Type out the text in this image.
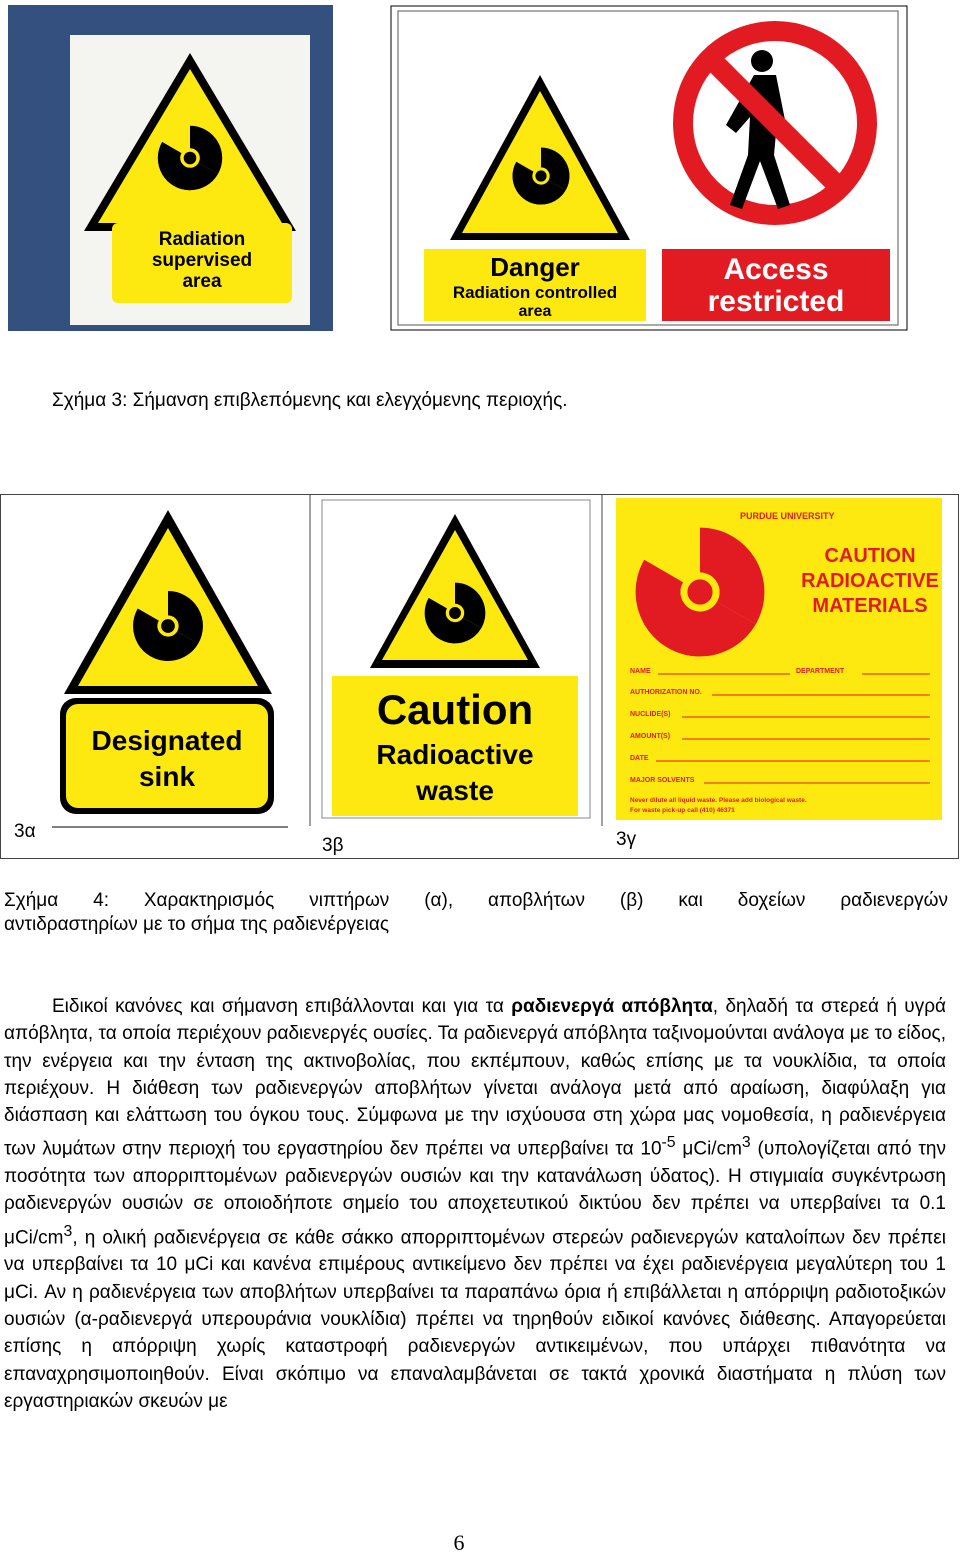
Radiation
supervised
area	Danger
Radiation controlled
area
Access
restricted
Σχήμα 3: Σήμανση επιβλεπόμενης και ελεγχόμενης περιοχής.
Designated
sink
Caution
Radioactive
waste
PURDUE UNIVERSITY
CAUTION
RADIOACTIVE
MATERIALS
NAME	DEPARTMENT
AUTHORIZATION NO.
NUCLIDE(S)
AMOUNT(S)
DATE
MAJOR SOLVENTS
Never dilute all liquid waste. Please add biological waste.
For waste pick-up call (410) 46371
3α
3β	3γ
Σχήμα 4: Χαρακτηρισμός νιπτήρων (α), αποβλήτων (β) και δοχείων ραδιενεργών
αντιδραστηρίων με το σήμα της ραδιενέργειας

Ειδικοί κανόνες και σήμανση επιβάλλονται και για τα ραδιενεργά απόβλητα, δηλαδή τα στερεά ή υγρά απόβλητα, τα οποία περιέχουν ραδιενεργές ουσίες. Τα ραδιενεργά απόβλητα ταξινομούνται ανάλογα με το είδος, την ενέργεια και την ένταση της ακτινοβολίας, που εκπέμπουν, καθώς επίσης με τα νουκλίδια, τα οποία περιέχουν. Η διάθεση των ραδιενεργών αποβλήτων γίνεται ανάλογα μετά από αραίωση, διαφύλαξη για διάσπαση και ελάττωση του όγκου τους. Σύμφωνα με την ισχύουσα στη χώρα μας νομοθεσία, η ραδιενέργεια των λυμάτων στην περιοχή του εργαστηρίου δεν πρέπει να υπερβαίνει τα $10^{-5}$ μCi/$cm^3$ (υπολογίζεται από την ποσότητα των απορριπτομένων ραδιενεργών ουσιών και την κατανάλωση ύδατος). Η στιγμιαία συγκέντρωση ραδιενεργών ουσιών σε οποιοδήποτε σημείο του αποχετευτικού δικτύου δεν πρέπει να υπερβαίνει τα 0.1 μCi/$cm^3$, η ολική ραδιενέργεια σε κάθε σάκκο απορριπτομένων στερεών ραδιενεργών καταλοίπων δεν πρέπει να υπερβαίνει τα 10 μCi και κανένα επιμέρους αντικείμενο δεν πρέπει να έχει ραδιενέργεια μεγαλύτερη του 1 μCi. Αν η ραδιενέργεια των αποβλήτων υπερβαίνει τα παραπάνω όρια ή επιβάλλεται η απόρριψη ραδιοτοξικών ουσιών (α-ραδιενεργά υπερουράνια νουκλίδια) πρέπει να τηρηθούν ειδικοί κανόνες διάθεσης. Απαγορεύεται επίσης η απόρριψη χωρίς καταστροφή ραδιενεργών αντικειμένων, που υπάρχει πιθανότητα να επαναχρησιμοποιηθούν. Είναι σκόπιμο να επαναλαμβάνεται σε τακτά χρονικά διαστήματα η πλύση των εργαστηριακών σκευών με

6
